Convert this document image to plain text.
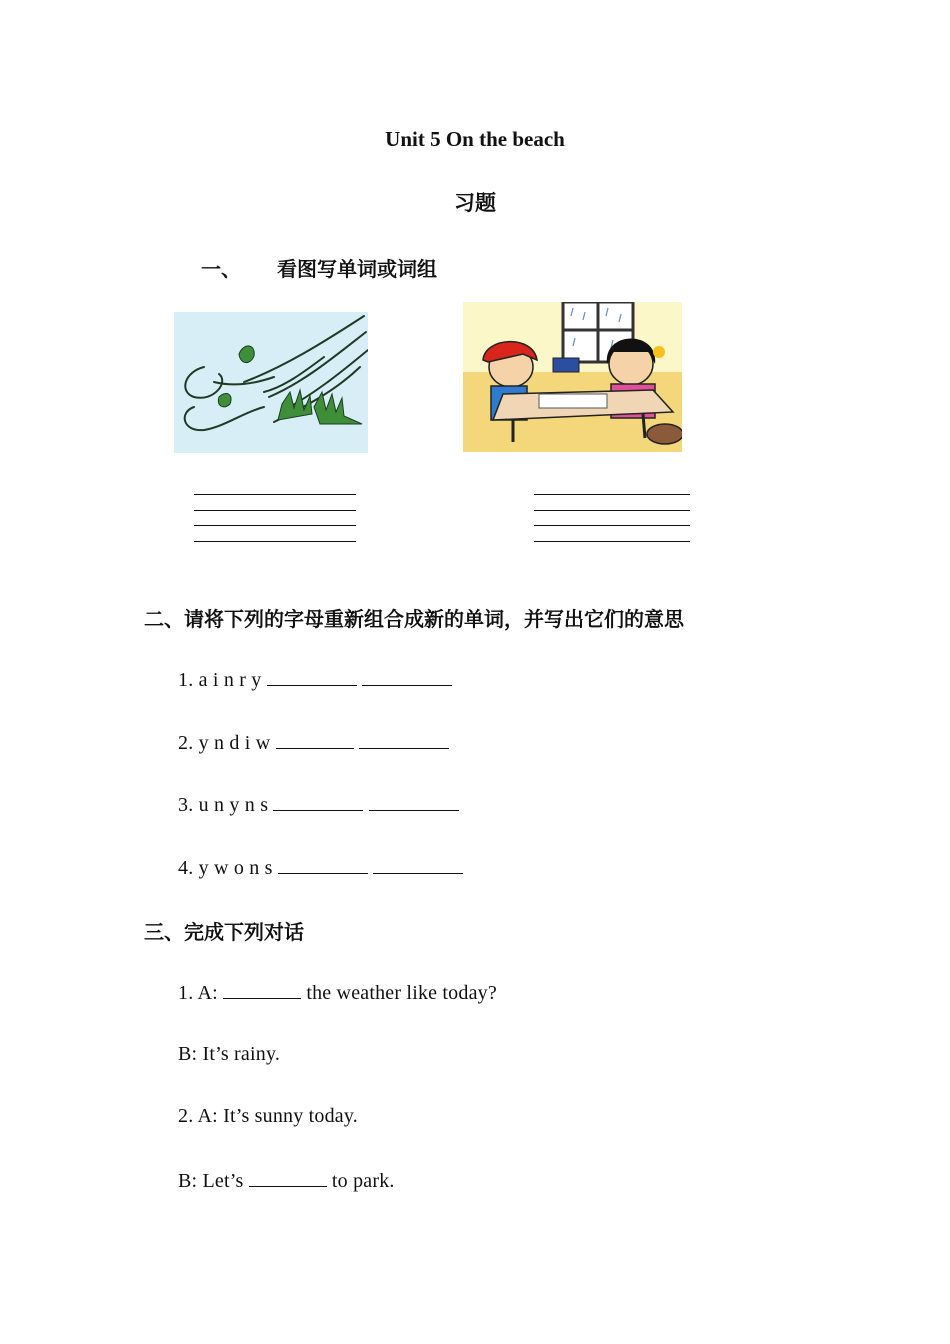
Unit 5 On the beach
习题
一、 看图写单词或词组
二、请将下列的字母重新组合成新的单词，并写出它们的意思
1. a i n r y
2. y n d i w
3. u n y n s
4. y w o n s
三、完成下列对话
1. A:	the weather like today?
B: It’s rainy.
2. A: It’s sunny today.
B: Let’s	to park.
